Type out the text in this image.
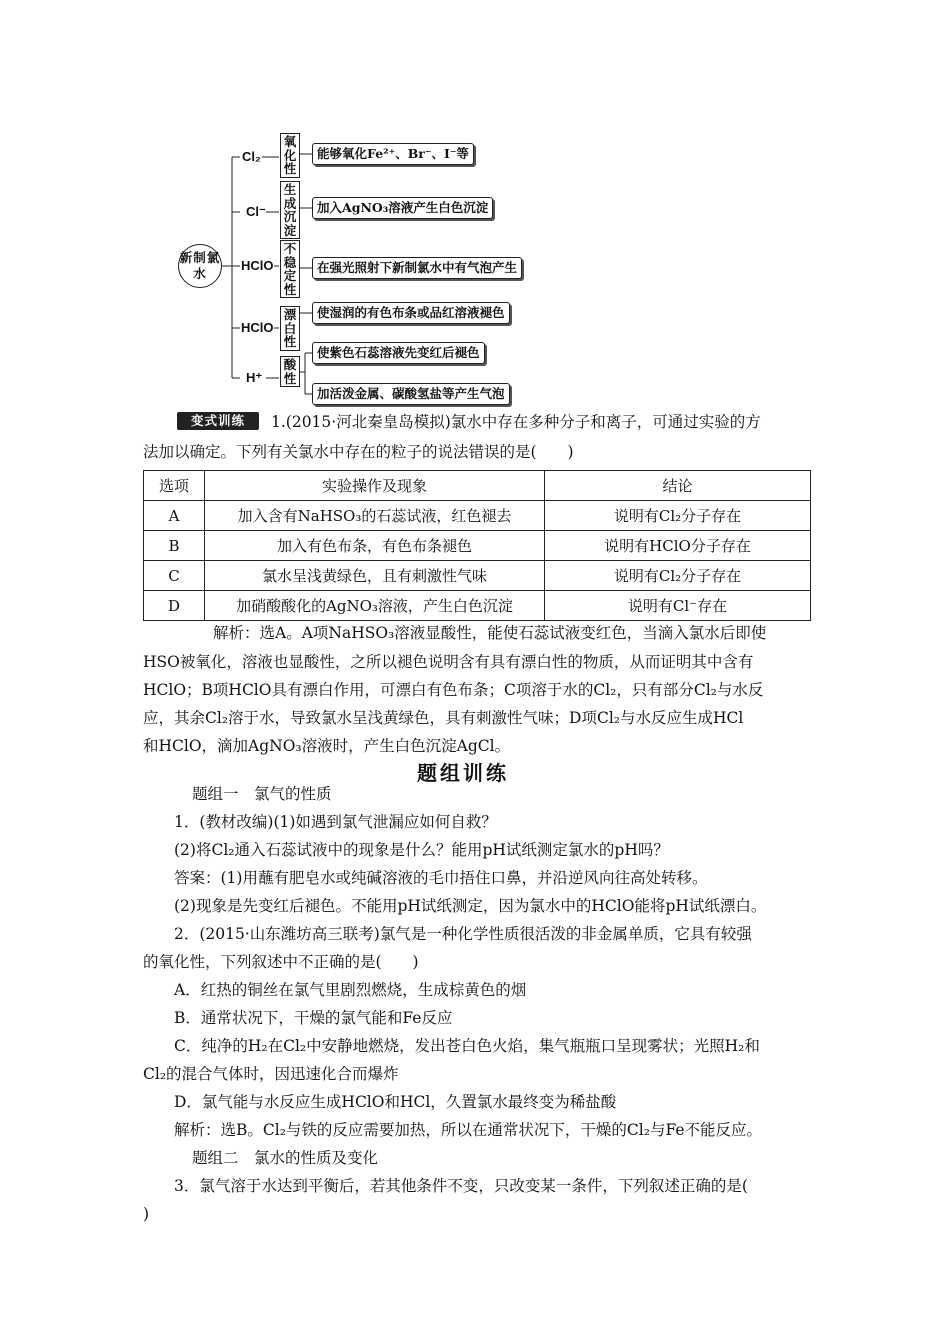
新制氯水
Cl₂
Cl⁻
HClO
HClO
H⁺
氧化性
生成沉淀
不稳定性
漂白性
酸性
能够氧化Fe²⁺、Br⁻、I⁻等
加入AgNO₃溶液产生白色沉淀
在强光照射下新制氯水中有气泡产生
使湿润的有色布条或品红溶液褪色
使紫色石蕊溶液先变红后褪色
加活泼金属、碳酸氢盐等产生气泡
变式训练	1.(2015·河北秦皇岛模拟)氯水中存在多种分子和离子，可通过实验的方
法加以确定。下列有关氯水中存在的粒子的说法错误的是(　　)
选项	实验操作及现象	结论
A	加入含有NaHSO₃的石蕊试液，红色褪去	说明有Cl₂分子存在
B	加入有色布条，有色布条褪色	说明有HClO分子存在
C	氯水呈浅黄绿色，且有刺激性气味	说明有Cl₂分子存在
D	加硝酸酸化的AgNO₃溶液，产生白色沉淀	说明有Cl⁻存在
解析：选A。A项NaHSO₃溶液显酸性，能使石蕊试液变红色，当滴入氯水后即使
HSO被氧化，溶液也显酸性，之所以褪色说明含有具有漂白性的物质，从而证明其中含有
HClO；B项HClO具有漂白作用，可漂白有色布条；C项溶于水的Cl₂，只有部分Cl₂与水反
应，其余Cl₂溶于水，导致氯水呈浅黄绿色，具有刺激性气味；D项Cl₂与水反应生成HCl
和HClO，滴加AgNO₃溶液时，产生白色沉淀AgCl。
题组训练
题组一　氯气的性质
1．(教材改编)(1)如遇到氯气泄漏应如何自救？
(2)将Cl₂通入石蕊试液中的现象是什么？能用pH试纸测定氯水的pH吗？
答案：(1)用蘸有肥皂水或纯碱溶液的毛巾捂住口鼻，并沿逆风向往高处转移。
(2)现象是先变红后褪色。不能用pH试纸测定，因为氯水中的HClO能将pH试纸漂白。
2．(2015·山东潍坊高三联考)氯气是一种化学性质很活泼的非金属单质，它具有较强
的氧化性，下列叙述中不正确的是(　　)
A．红热的铜丝在氯气里剧烈燃烧，生成棕黄色的烟
B．通常状况下，干燥的氯气能和Fe反应
C．纯净的H₂在Cl₂中安静地燃烧，发出苍白色火焰，集气瓶瓶口呈现雾状；光照H₂和
Cl₂的混合气体时，因迅速化合而爆炸
D．氯气能与水反应生成HClO和HCl，久置氯水最终变为稀盐酸
解析：选B。Cl₂与铁的反应需要加热，所以在通常状况下，干燥的Cl₂与Fe不能反应。
题组二　氯水的性质及变化
3．氯气溶于水达到平衡后，若其他条件不变，只改变某一条件，下列叙述正确的是(
)
